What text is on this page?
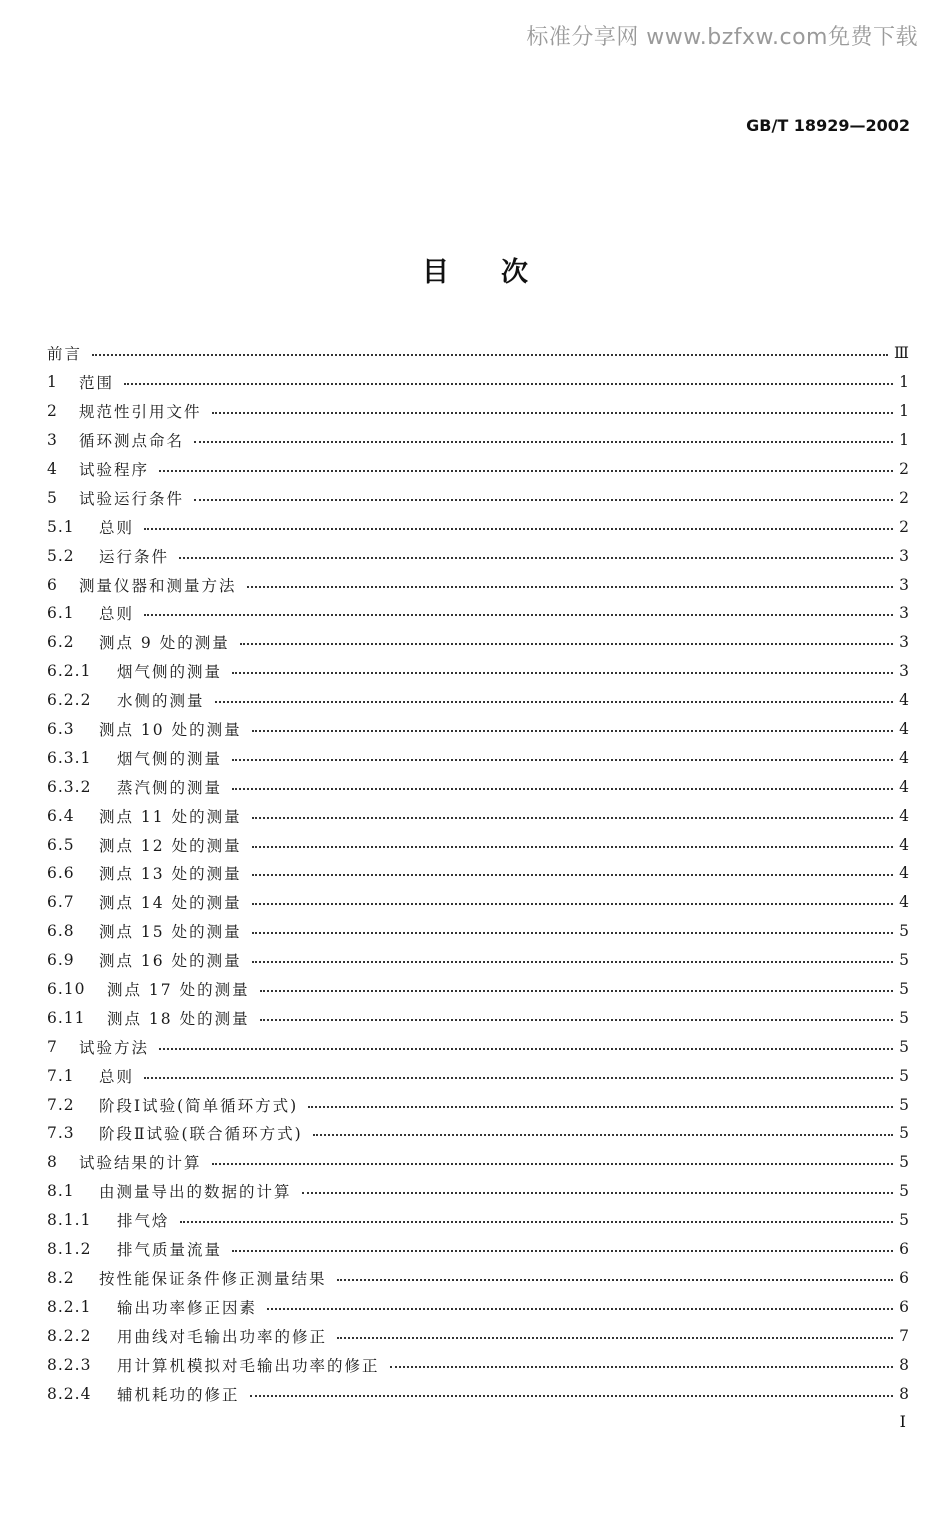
标准分享网 www.bzfxw.com免费下载
GB/T 18929—2002
目次
前言	Ⅲ
1	范围	1
2	规范性引用文件	1
3	循环测点命名	1
4	试验程序	2
5	试验运行条件	2
5.1	总则	2
5.2	运行条件	3
6	测量仪器和测量方法	3
6.1	总则	3
6.2	测点 9 处的测量	3
6.2.1	烟气侧的测量	3
6.2.2	水侧的测量	4
6.3	测点 10 处的测量	4
6.3.1	烟气侧的测量	4
6.3.2	蒸汽侧的测量	4
6.4	测点 11 处的测量	4
6.5	测点 12 处的测量	4
6.6	测点 13 处的测量	4
6.7	测点 14 处的测量	4
6.8	测点 15 处的测量	5
6.9	测点 16 处的测量	5
6.10	测点 17 处的测量	5
6.11	测点 18 处的测量	5
7	试验方法	5
7.1	总则	5
7.2	阶段Ⅰ试验(简单循环方式)	5
7.3	阶段Ⅱ试验(联合循环方式)	5
8	试验结果的计算	5
8.1	由测量导出的数据的计算	5
8.1.1	排气焓	5
8.1.2	排气质量流量	6
8.2	按性能保证条件修正测量结果	6
8.2.1	输出功率修正因素	6
8.2.2	用曲线对毛输出功率的修正	7
8.2.3	用计算机模拟对毛输出功率的修正	8
8.2.4	辅机耗功的修正	8
I
